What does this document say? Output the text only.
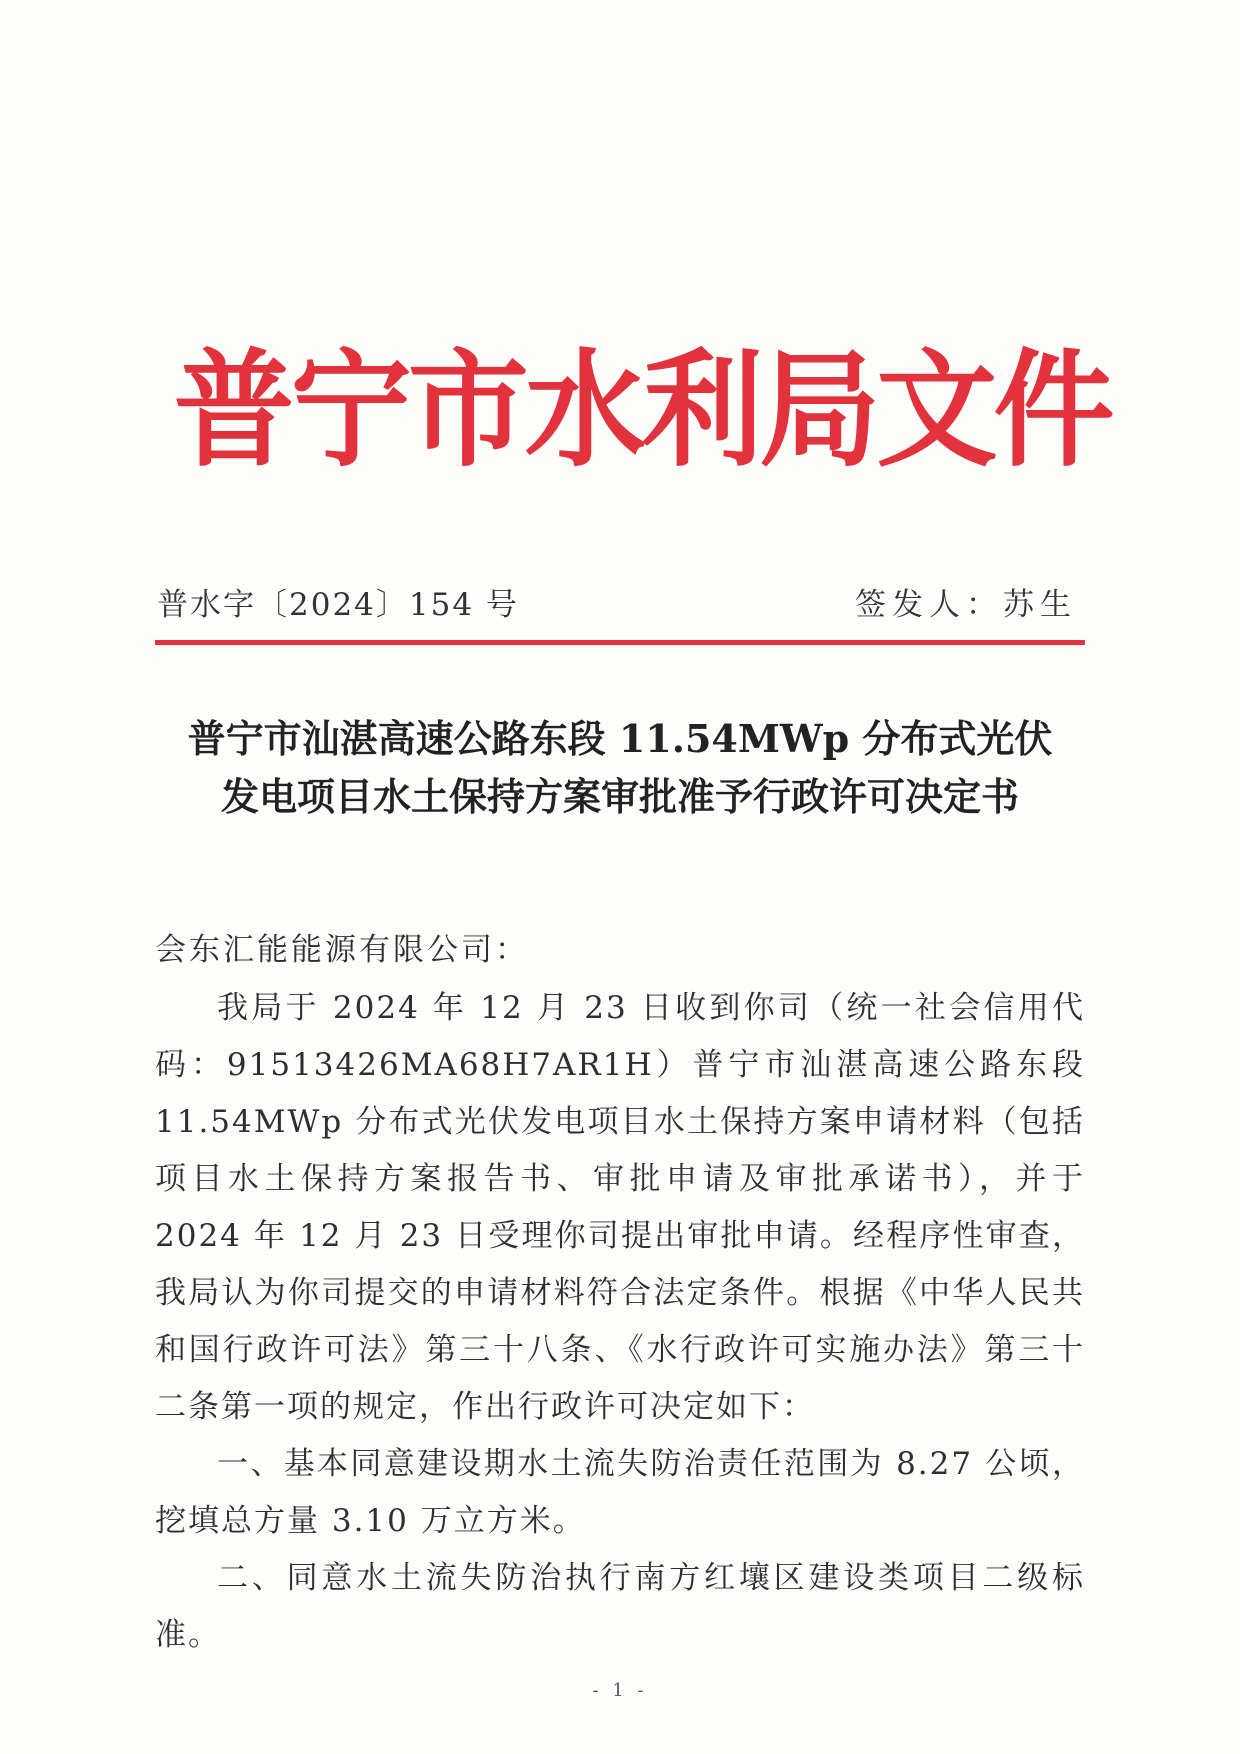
普宁市水利局文件
普水字〔2024〕154 号	签发人：苏生
普宁市汕湛高速公路东段 11.54MWp 分布式光伏
发电项目水土保持方案审批准予行政许可决定书
会东汇能能源有限公司：

我局于 2024 年 12 月 23 日收到你司（统一社会信用代码：91513426MA68H7AR1H）普宁市汕湛高速公路东段 11.54MWp 分布式光伏发电项目水土保持方案申请材料（包括项目水土保持方案报告书、审批申请及审批承诺书），并于 2024 年 12 月 23 日受理你司提出审批申请。经程序性审查，我局认为你司提交的申请材料符合法定条件。根据《中华人民共和国行政许可法》第三十八条、《水行政许可实施办法》第三十二条第一项的规定，作出行政许可决定如下：

一、基本同意建设期水土流失防治责任范围为 8.27 公顷，挖填总方量 3.10 万立方米。

二、同意水土流失防治执行南方红壤区建设类项目二级标准。

- 1 -
